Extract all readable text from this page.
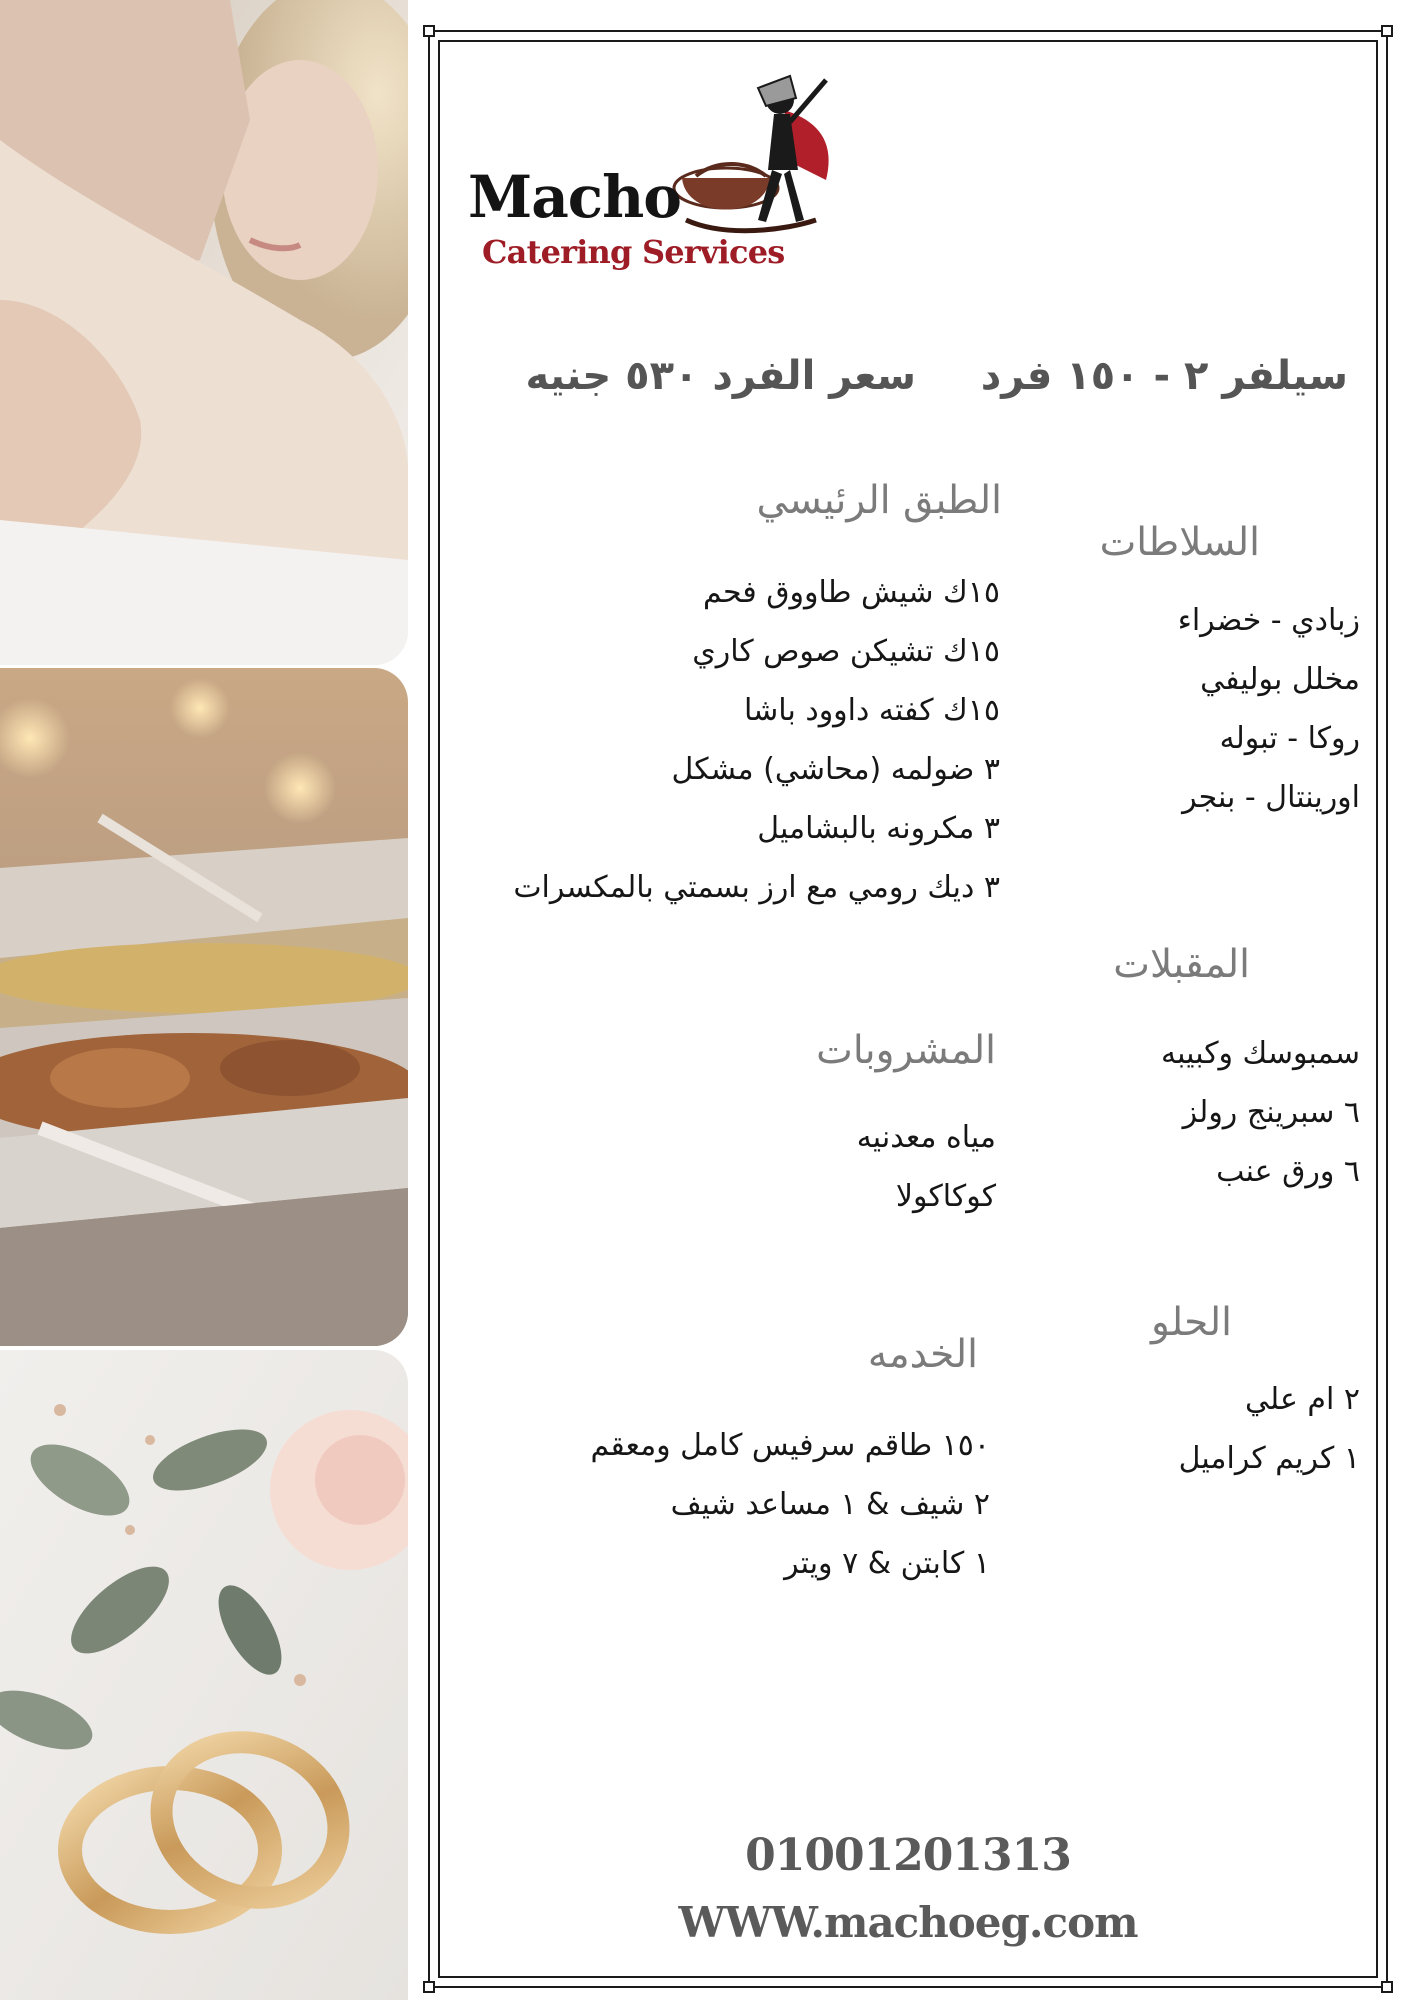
Macho
Catering Services
سيلفر ٢ - ١٥٠ فرد
سعر الفرد ٥٣٠ جنيه
الطبق الرئيسي
١٥ك شيش طاووق فحم
١٥ك تشيكن صوص كاري
١٥ك كفته داوود باشا
٣ ضولمه (محاشي) مشكل
٣ مكرونه بالبشاميل
٣ ديك رومي مع ارز بسمتي بالمكسرات
السلاطات
زبادي - خضراء
مخلل بوليفي
روكا - تبوله
اورينتال - بنجر
المقبلات
سمبوسك وكبيبه
٦ سبرينج رولز
٦ ورق عنب
المشروبات
مياه معدنيه
كوكاكولا
الحلو
٢ ام علي
١ كريم كراميل
الخدمه
١٥٠ طاقم سرفيس كامل ومعقم
٢ شيف & ١ مساعد شيف
١ كابتن & ٧ ويتر
01001201313
WWW.machoeg.com
